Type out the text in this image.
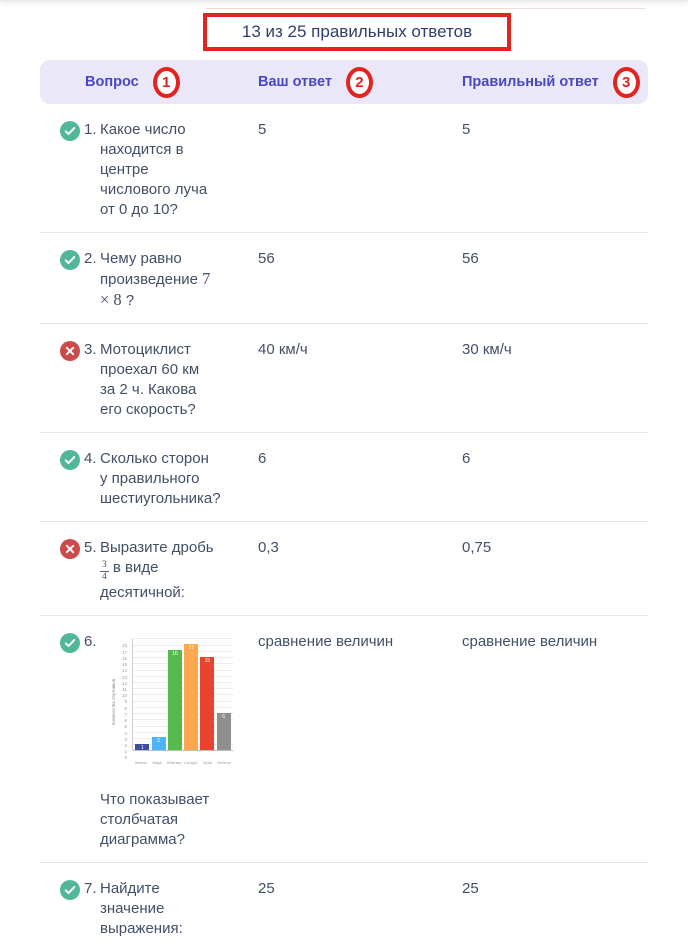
13 из 25 правильных ответов
Вопрос 1	Ваш ответ 2	Правильный ответ 3
1. Какое число находится в центре числового луча от 0 до 10?
5	5
2. Чему равно произведение 7 × 8 ?
56	56
3. Мотоциклист проехал 60 км за 2 ч. Какова его скорость?
40 км/ч	30 км/ч
4. Сколько сторон у правильного шестиугольника?
6	6
5. Выразите дробь
$\frac{3}{4}$ в виде десятичной:
0,3	0,75
6.
Количество спутников
0
1
2
3
4
5
6
7
8
9
10
11
12
13
14
15
16
17
18
1
2
16
17
15
6
Земля	Марс	Юпитер Сатурн	Уран	Нептун
Что показывает столбчатая диаграмма?
сравнение величин	сравнение величин
7. Найдите значение выражения:
25	25
